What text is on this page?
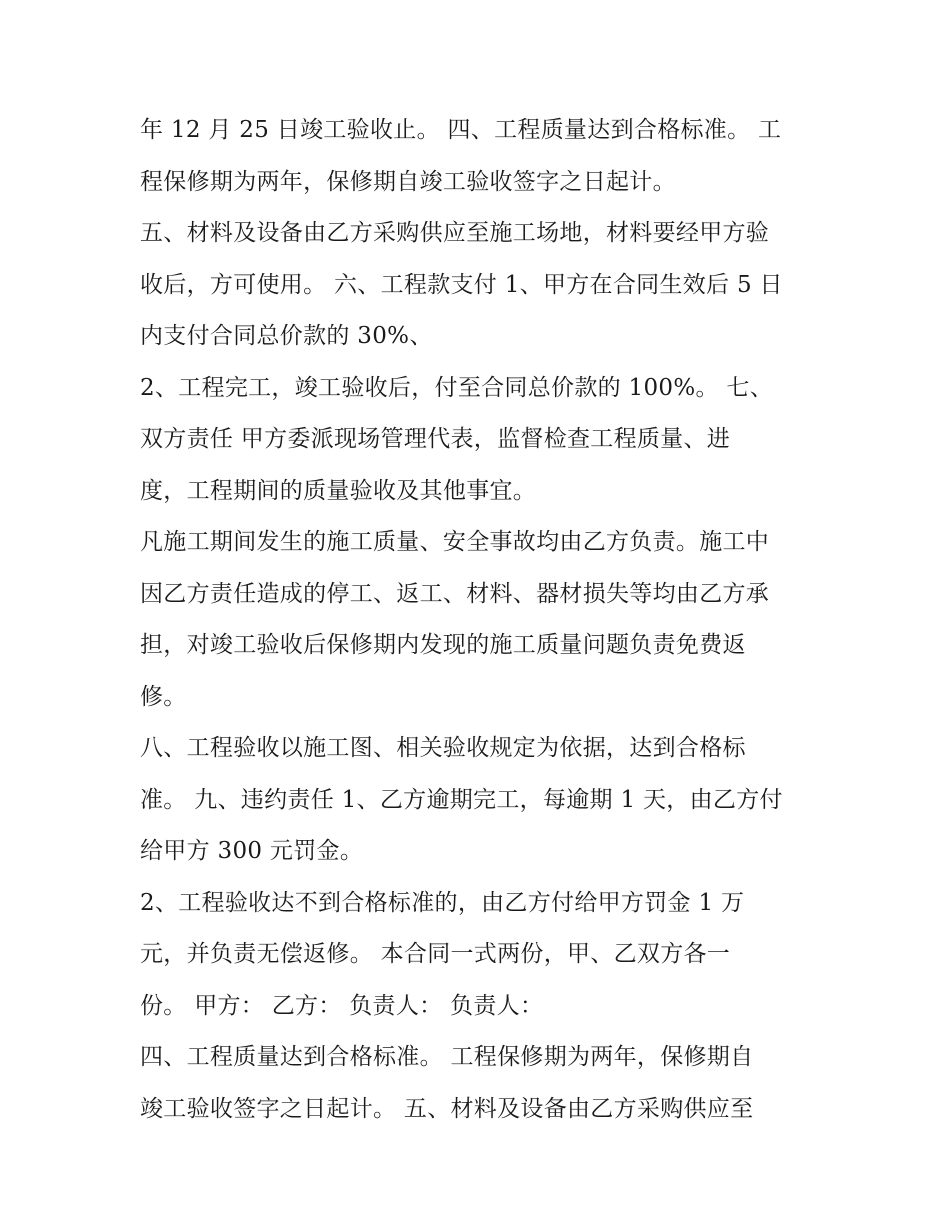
年 12 月 25 日竣工验收止。 四、工程质量达到合格标准。 工
程保修期为两年，保修期自竣工验收签字之日起计。
五、材料及设备由乙方采购供应至施工场地，材料要经甲方验
收后，方可使用。 六、工程款支付 1、甲方在合同生效后 5 日
内支付合同总价款的 30%、
2、工程完工，竣工验收后，付至合同总价款的 100%。 七、
双方责任 甲方委派现场管理代表，监督检查工程质量、进
度，工程期间的质量验收及其他事宜。
凡施工期间发生的施工质量、安全事故均由乙方负责。施工中
因乙方责任造成的停工、返工、材料、器材损失等均由乙方承
担，对竣工验收后保修期内发现的施工质量问题负责免费返
修。
八、工程验收以施工图、相关验收规定为依据，达到合格标
准。 九、违约责任 1、乙方逾期完工，每逾期 1 天，由乙方付
给甲方 300 元罚金。
2、工程验收达不到合格标准的，由乙方付给甲方罚金 1 万
元，并负责无偿返修。 本合同一式两份，甲、乙双方各一
份。 甲方： 乙方： 负责人： 负责人：
四、工程质量达到合格标准。 工程保修期为两年，保修期自
竣工验收签字之日起计。 五、材料及设备由乙方采购供应至
